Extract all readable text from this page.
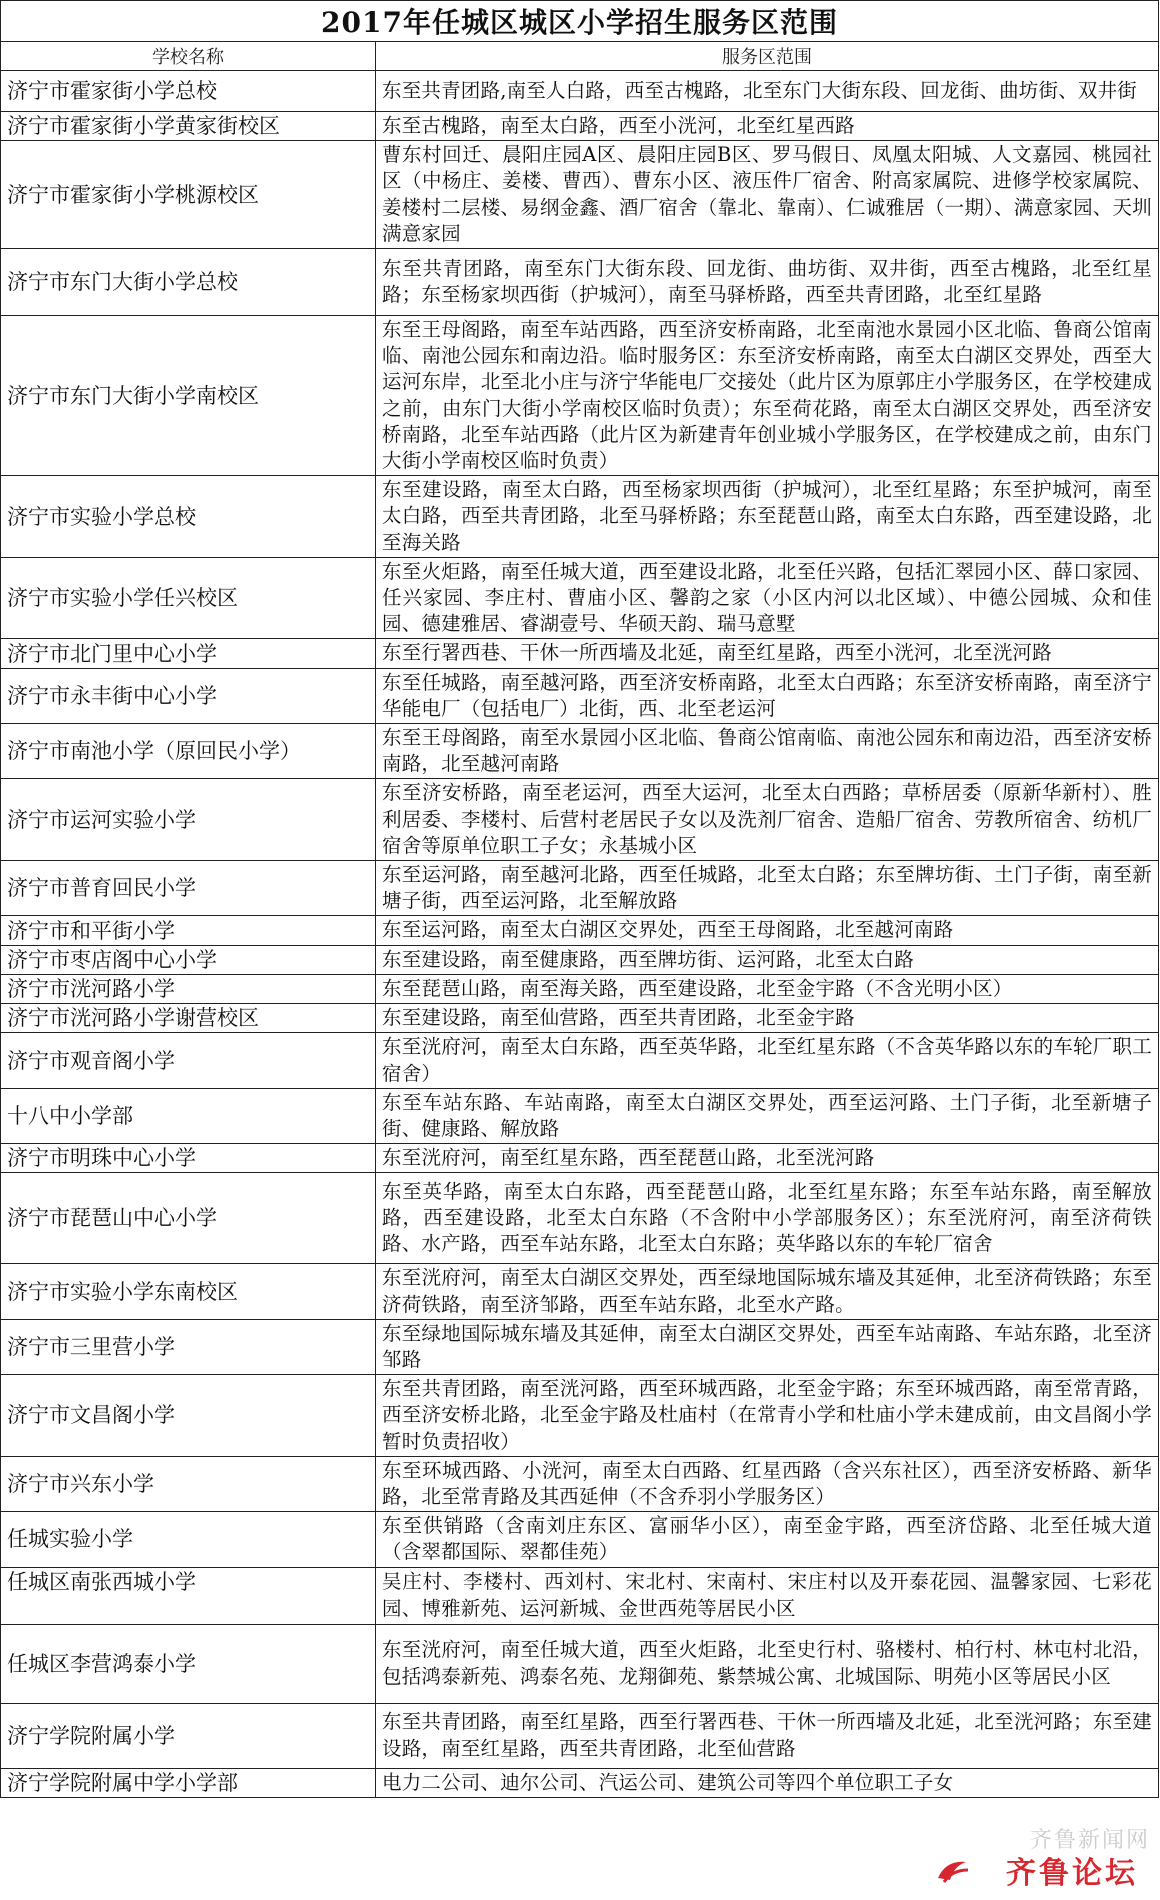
2017年任城区城区小学招生服务区范围	
学校名称	服务区范围
济宁市霍家街小学总校	东至共青团路,南至人白路，西至古槐路，北至东门大街东段、回龙街、曲坊街、双井街
济宁市霍家街小学黄家街校区	东至古槐路，南至太白路，西至小洸河，北至红星西路
济宁市霍家街小学桃源校区	曹东村回迁、晨阳庄园A区、晨阳庄园B区、罗马假日、凤凰太阳城、人文嘉园、桃园社区（中杨庄、姜楼、曹西）、曹东小区、液压件厂宿舍、附高家属院、进修学校家属院、姜楼村二层楼、易纲金鑫、酒厂宿舍（靠北、靠南）、仁诚雅居（一期）、满意家园、天圳满意家园
济宁市东门大街小学总校	东至共青团路，南至东门大街东段、回龙街、曲坊街、双井街，西至古槐路，北至红星路；东至杨家坝西街（护城河），南至马驿桥路，西至共青团路，北至红星路
济宁市东门大街小学南校区	东至王母阁路，南至车站西路，西至济安桥南路，北至南池水景园小区北临、鲁商公馆南临、南池公园东和南边沿。临时服务区：东至济安桥南路，南至太白湖区交界处，西至大运河东岸，北至北小庄与济宁华能电厂交接处（此片区为原郭庄小学服务区，在学校建成之前，由东门大街小学南校区临时负责）；东至荷花路，南至太白湖区交界处，西至济安桥南路，北至车站西路（此片区为新建青年创业城小学服务区，在学校建成之前，由东门大街小学南校区临时负责）
济宁市实验小学总校	东至建设路，南至太白路，西至杨家坝西街（护城河），北至红星路；东至护城河，南至太白路，西至共青团路，北至马驿桥路；东至琵琶山路，南至太白东路，西至建设路，北至海关路
济宁市实验小学任兴校区	东至火炬路，南至任城大道，西至建设北路，北至任兴路，包括汇翠园小区、薛口家园、任兴家园、李庄村、曹庙小区、馨韵之家（小区内河以北区域）、中德公园城、众和佳园、德建雅居、睿湖壹号、华硕天韵、瑞马意墅
济宁市北门里中心小学	东至行署西巷、干休一所西墙及北延，南至红星路，西至小洸河，北至洸河路
济宁市永丰街中心小学	东至任城路，南至越河路，西至济安桥南路，北至太白西路；东至济安桥南路，南至济宁华能电厂（包括电厂）北街，西、北至老运河
济宁市南池小学（原回民小学）	东至王母阁路，南至水景园小区北临、鲁商公馆南临、南池公园东和南边沿，西至济安桥南路，北至越河南路
济宁市运河实验小学	东至济安桥路，南至老运河，西至大运河，北至太白西路；草桥居委（原新华新村）、胜利居委、李楼村、后营村老居民子女以及洗剂厂宿舍、造船厂宿舍、劳教所宿舍、纺机厂宿舍等原单位职工子女；永基城小区
济宁市普育回民小学	东至运河路，南至越河北路，西至任城路，北至太白路；东至牌坊街、土门子街，南至新塘子街，西至运河路，北至解放路
济宁市和平街小学	东至运河路，南至太白湖区交界处，西至王母阁路，北至越河南路
济宁市枣店阁中心小学	东至建设路，南至健康路，西至牌坊街、运河路，北至太白路
济宁市洸河路小学	东至琵琶山路，南至海关路，西至建设路，北至金宇路（不含光明小区）
济宁市洸河路小学谢营校区	东至建设路，南至仙营路，西至共青团路，北至金宇路
济宁市观音阁小学	东至洸府河，南至太白东路，西至英华路，北至红星东路（不含英华路以东的车轮厂职工宿舍）
十八中小学部	东至车站东路、车站南路，南至太白湖区交界处，西至运河路、土门子街，北至新塘子街、健康路、解放路
济宁市明珠中心小学	东至洸府河，南至红星东路，西至琵琶山路，北至洸河路
济宁市琵琶山中心小学	东至英华路，南至太白东路，西至琵琶山路，北至红星东路；东至车站东路，南至解放路，西至建设路，北至太白东路（不含附中小学部服务区）；东至洸府河，南至济荷铁路、水产路，西至车站东路，北至太白东路；英华路以东的车轮厂宿舍
济宁市实验小学东南校区	东至洸府河，南至太白湖区交界处，西至绿地国际城东墙及其延伸，北至济荷铁路；东至济荷铁路，南至济邹路，西至车站东路，北至水产路。
济宁市三里营小学	东至绿地国际城东墙及其延伸，南至太白湖区交界处，西至车站南路、车站东路，北至济邹路
济宁市文昌阁小学	东至共青团路，南至洸河路，西至环城西路，北至金宇路；东至环城西路，南至常青路，西至济安桥北路，北至金宇路及杜庙村（在常青小学和杜庙小学未建成前，由文昌阁小学暂时负责招收）
济宁市兴东小学	东至环城西路、小洸河，南至太白西路、红星西路（含兴东社区），西至济安桥路、新华路，北至常青路及其西延伸（不含乔羽小学服务区）
任城实验小学	东至供销路（含南刘庄东区、富丽华小区），南至金宇路，西至济岱路、北至任城大道（含翠都国际、翠都佳苑）
任城区南张西城小学	吴庄村、李楼村、西刘村、宋北村、宋南村、宋庄村以及开泰花园、温馨家园、七彩花园、博雅新苑、运河新城、金世西苑等居民小区
任城区李营鸿泰小学	东至洸府河，南至任城大道，西至火炬路，北至史行村、骆楼村、柏行村、林屯村北沿，包括鸿泰新苑、鸿泰名苑、龙翔御苑、紫禁城公寓、北城国际、明苑小区等居民小区
济宁学院附属小学	东至共青团路，南至红星路，西至行署西巷、干休一所西墙及北延，北至洸河路；东至建设路，南至红星路，西至共青团路，北至仙营路
济宁学院附属中学小学部	电力二公司、迪尔公司、汽运公司、建筑公司等四个单位职工子女
齐鲁论坛
齐鲁新闻网
